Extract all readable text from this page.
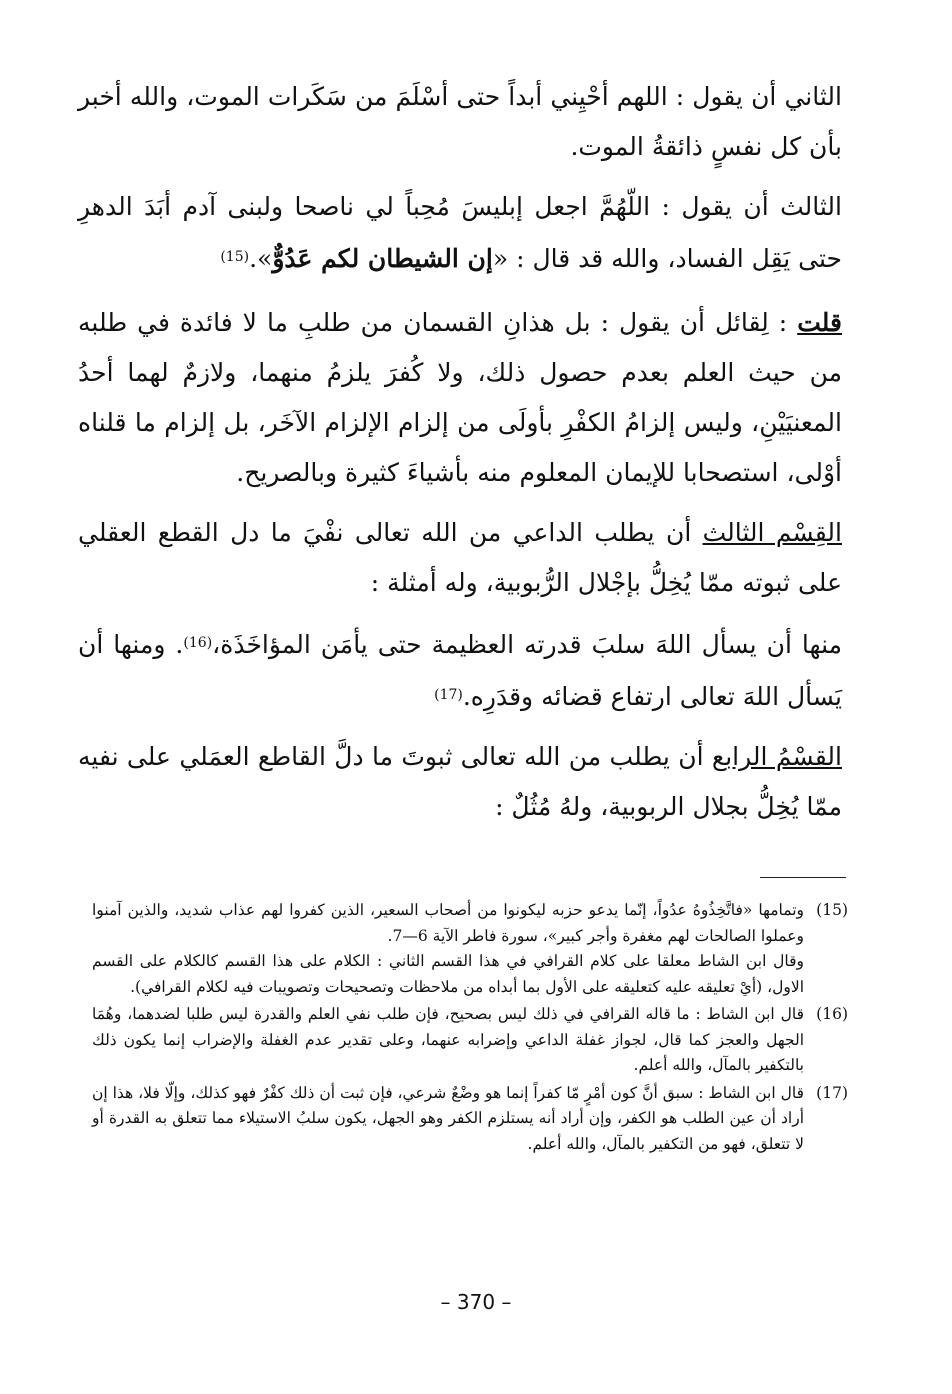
الثاني أن يقول : اللهم أحْيِني أبداً حتى أسْلَمَ من سَكَرات الموت، والله أخبر بأن كل نفسٍ ذائقةُ الموت.

الثالث أن يقول : اللّهُمَّ اجعل إبليسَ مُحِباً لي ناصحا ولبنى آدم أبَدَ الدهرِ حتى يَقِل الفساد، والله قد قال : «إن الشيطان لكم عَدُوٌّ».$^{(15)}$

قلت : لِقائل أن يقول : بل هذانِ القسمان من طلبِ ما لا فائدة في طلبه من حيث العلم بعدم حصول ذلك، ولا كُفرَ يلزمُ منهما، ولازمٌ لهما أحدُ المعنيَيْنِ، وليس إلزامُ الكفْرِ بأولَى من إلزام الإلزام الآخَر، بل إلزام ما قلناه أوْلى، استصحابا للإيمان المعلوم منه بأشياءَ كثيرة وبالصريح.

القِسْم الثالث أن يطلب الداعي من الله تعالى نفْيَ ما دل القطع العقلي على ثبوته ممّا يُخِلُّ بإجْلال الرُّبوبية، وله أمثلة :

منها أن يسأل اللهَ سلبَ قدرته العظيمة حتى يأمَن المؤاخَذَة،$^{(16)}$. ومنها أن يَسأل اللهَ تعالى ارتفاع قضائه وقدَرِه.$^{(17)}$

القسْمُ الرابع أن يطلب من الله تعالى ثبوتَ ما دلَّ القاطع العمَلي على نفيه ممّا يُخِلُّ بجلال الربوبية، ولهُ مُثُلٌ :

(15)

وتمامها «فاتَّخِذُوهُ عدُواً، إنّما يدعو حزبه ليكونوا من أصحاب السعير، الذين كفروا لهم عذاب شديد، والذين آمنوا وعملوا الصالحات لهم مغفرة وأجر كبير»، سورة فاطر الآية 6—7.

وقال ابن الشاط معلقا على كلام القرافي في هذا القسم الثاني : الكلام على هذا القسم كالكلام على القسم الاول، (أيْ تعليقه عليه كتعليقه على الأول بما أبداه من ملاحظات وتصحيحات وتصويبات فيه لكلام القرافي).

(16)

قال ابن الشاط : ما قاله القرافي في ذلك ليس بصحيح، فإن طلب نفي العلم والقدرة ليس طلبا لضدهما، وهُمَا الجهل والعجز كما قال، لجواز غفلة الداعي وإضرابه عنهما، وعلى تقدير عدم الغفلة والإضراب إنما يكون ذلك بالتكفير بالمآل، والله أعلم.

(17)

قال ابن الشاط : سبق أنَّ كون أمْرٍ مّا كفراً إنما هو وضْعٌ شرعي، فإن ثبت أن ذلك كفْرٌ فهو كذلك، وإلّا فلا، هذا إن أراد أن عين الطلب هو الكفر، وإن أراد أنه يستلزم الكفر وهو الجهل، يكون سلبُ الاستيلاء مما تتعلق به القدرة أو لا تتعلق، فهو من التكفير بالمآل، والله أعلم.

– 370 –
